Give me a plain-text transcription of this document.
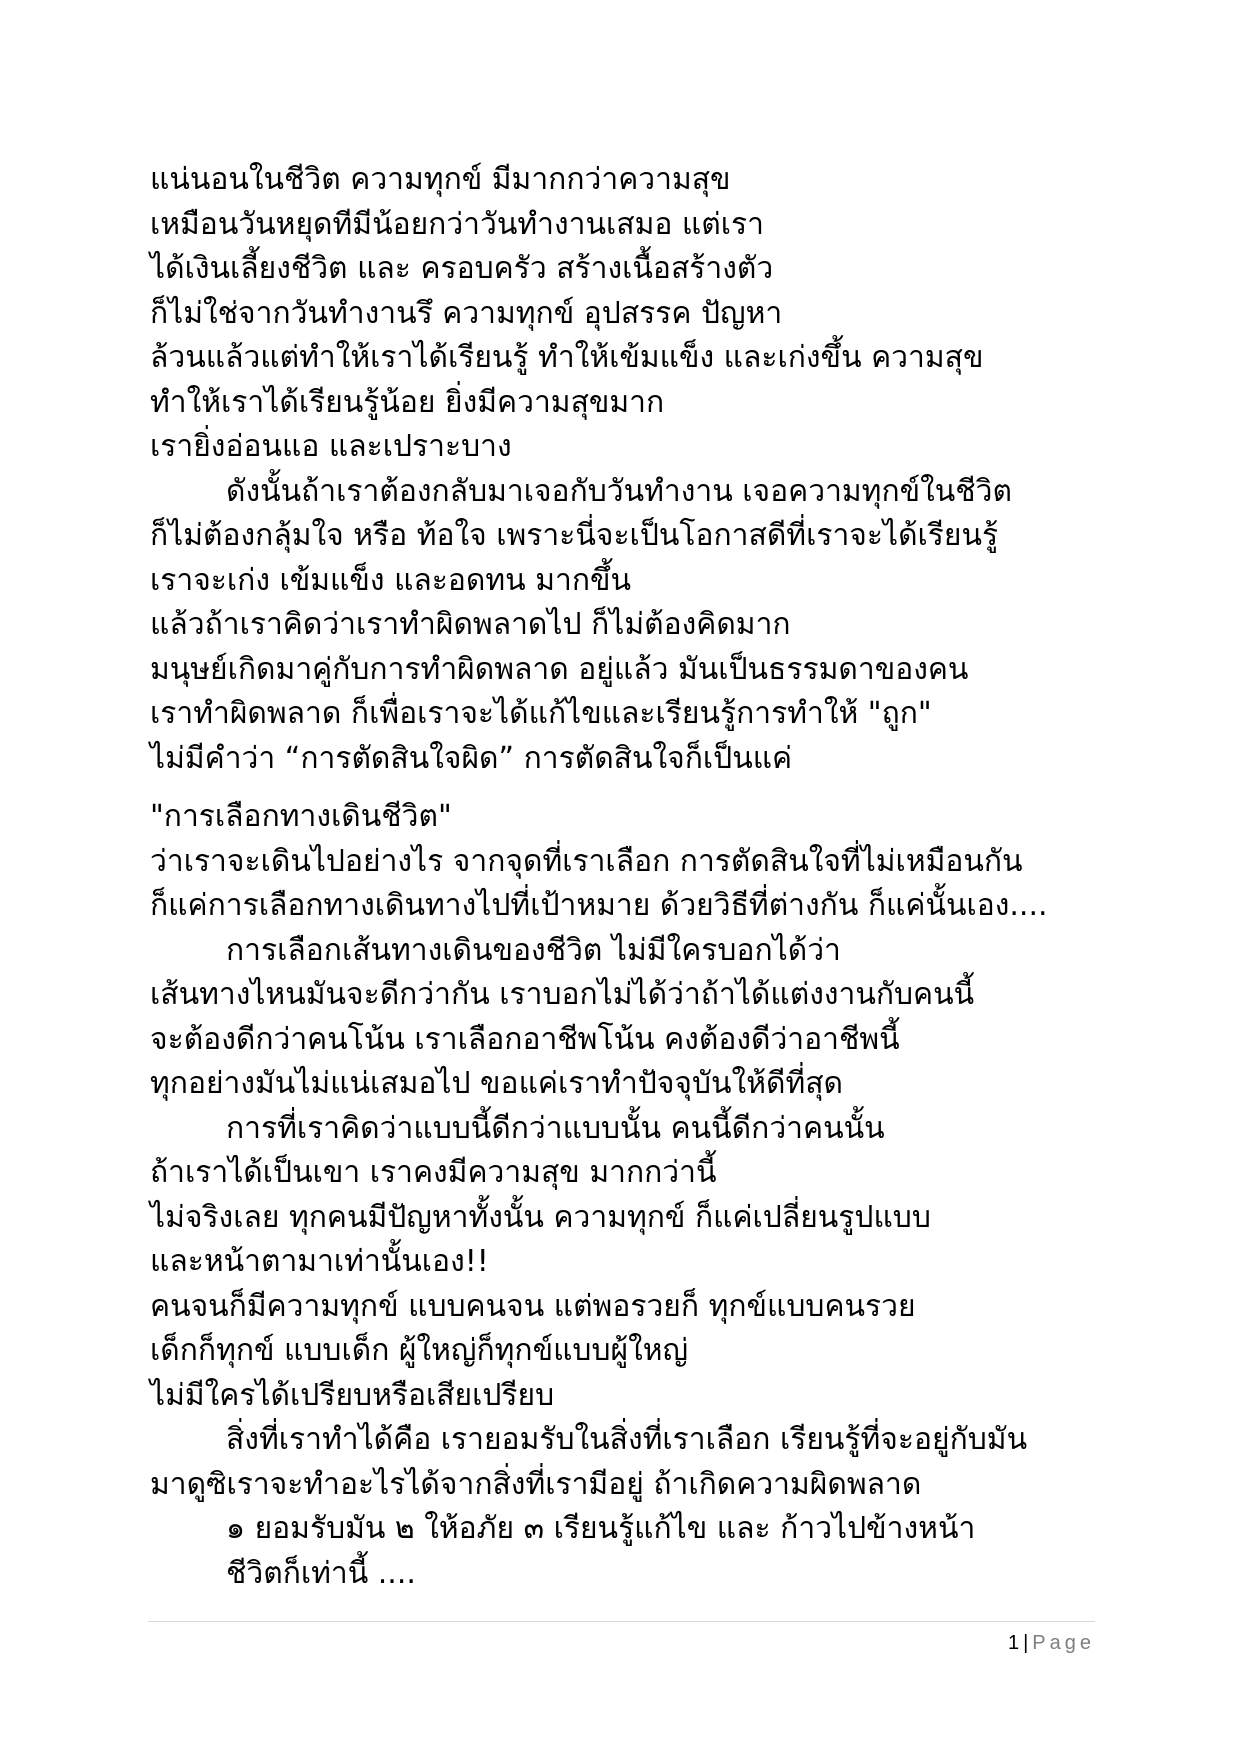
แน่นอนในชีวิต ความทุกข์ มีมากกว่าความสุข
เหมือนวันหยุดทีมีน้อยกว่าวันทำงานเสมอ แต่เรา
ได้เงินเลี้ยงชีวิต และ ครอบครัว สร้างเนื้อสร้างตัว
ก็ไม่ใช่จากวันทำงานรึ ความทุกข์ อุปสรรค ปัญหา
ล้วนแล้วแต่ทำให้เราได้เรียนรู้ ทำให้เข้มแข็ง และเก่งขึ้น ความสุข
ทำให้เราได้เรียนรู้น้อย ยิ่งมีความสุขมาก
เรายิ่งอ่อนแอ และเปราะบาง
ดังนั้นถ้าเราต้องกลับมาเจอกับวันทำงาน เจอความทุกข์ในชีวิต
ก็ไม่ต้องกลุ้มใจ หรือ ท้อใจ เพราะนี่จะเป็นโอกาสดีที่เราจะได้เรียนรู้
เราจะเก่ง เข้มแข็ง และอดทน มากขึ้น
แล้วถ้าเราคิดว่าเราทำผิดพลาดไป ก็ไม่ต้องคิดมาก
มนุษย์เกิดมาคู่กับการทำผิดพลาด อยู่แล้ว มันเป็นธรรมดาของคน
เราทำผิดพลาด ก็เพื่อเราจะได้แก้ไขและเรียนรู้การทำให้ "ถูก"
ไม่มีคำว่า “การตัดสินใจผิด” การตัดสินใจก็เป็นแค่
"การเลือกทางเดินชีวิต"
ว่าเราจะเดินไปอย่างไร จากจุดที่เราเลือก การตัดสินใจที่ไม่เหมือนกัน
ก็แค่การเลือกทางเดินทางไปที่เป้าหมาย ด้วยวิธีที่ต่างกัน ก็แค่นั้นเอง....
การเลือกเส้นทางเดินของชีวิต ไม่มีใครบอกได้ว่า
เส้นทางไหนมันจะดีกว่ากัน เราบอกไม่ได้ว่าถ้าได้แต่งงานกับคนนี้
จะต้องดีกว่าคนโน้น เราเลือกอาชีพโน้น คงต้องดีว่าอาชีพนี้
ทุกอย่างมันไม่แน่เสมอไป ขอแค่เราทำปัจจุบันให้ดีที่สุด
การที่เราคิดว่าแบบนี้ดีกว่าแบบนั้น คนนี้ดีกว่าคนนั้น
ถ้าเราได้เป็นเขา เราคงมีความสุข มากกว่านี้
ไม่จริงเลย ทุกคนมีปัญหาทั้งนั้น ความทุกข์ ก็แค่เปลี่ยนรูปแบบ
และหน้าตามาเท่านั้นเอง!!
คนจนก็มีความทุกข์ แบบคนจน แต่พอรวยก็ ทุกข์แบบคนรวย
เด็กก็ทุกข์ แบบเด็ก ผู้ใหญ่ก็ทุกข์แบบผู้ใหญ่
ไม่มีใครได้เปรียบหรือเสียเปรียบ
สิ่งที่เราทำได้คือ เรายอมรับในสิ่งที่เราเลือก เรียนรู้ที่จะอยู่กับมัน
มาดูซิเราจะทำอะไรได้จากสิ่งที่เรามีอยู่ ถ้าเกิดความผิดพลาด
๑ ยอมรับมัน ๒ ให้อภัย ๓ เรียนรู้แก้ไข และ ก้าวไปข้างหน้า
ชีวิตก็เท่านี้ ....
1 | Page
